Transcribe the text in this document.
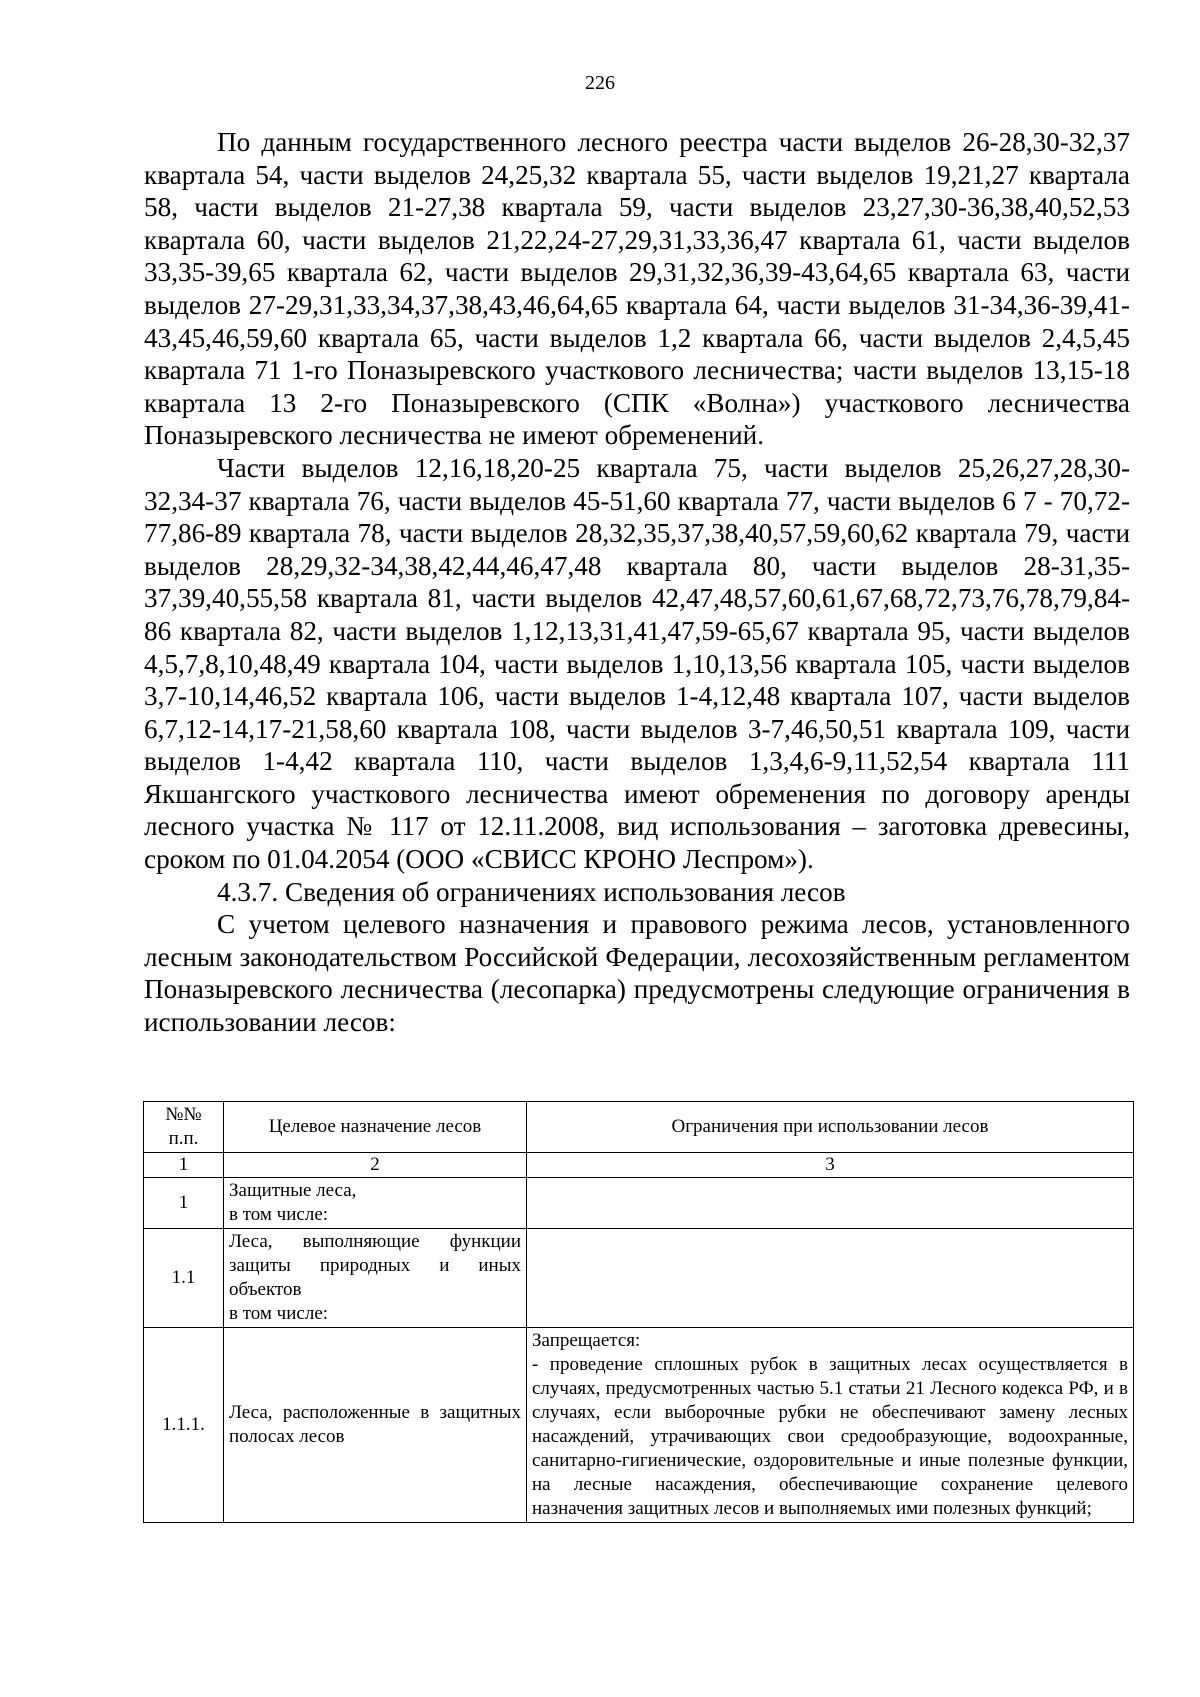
226

По данным государственного лесного реестра части выделов 26-28,30-32,37 квартала 54, части выделов 24,25,32 квартала 55, части выделов 19,21,27 квартала 58, части выделов 21-27,38 квартала 59, части выделов 23,27,30-36,38,40,52,53 квартала 60, части выделов 21,22,24-27,29,31,33,36,47 квартала 61, части выделов 33,35-39,65 квартала 62, части выделов 29,31,32,36,39-43,64,65 квартала 63, части выделов 27-29,31,33,34,37,38,43,46,64,65 квартала 64, части выделов 31-34,36-39,41-43,45,46,59,60 квартала 65, части выделов 1,2 квартала 66, части выделов 2,4,5,45 квартала 71 1-го Поназыревского участкового лесничества; части выделов 13,15-18 квартала 13 2-го Поназыревского (СПК «Волна») участкового лесничества Поназыревского лесничества не имеют обременений.

Части выделов 12,16,18,20-25 квартала 75, части выделов 25,26,27,28,30-32,34-37 квартала 76, части выделов 45-51,60 квартала 77, части выделов 6 7 - 70,72-77,86-89 квартала 78, части выделов 28,32,35,37,38,40,57,59,60,62 квартала 79, части выделов 28,29,32-34,38,42,44,46,47,48 квартала 80, части выделов 28-31,35-37,39,40,55,58 квартала 81, части выделов 42,47,48,57,60,61,67,68,72,73,76,78,79,84-86 квартала 82, части выделов 1,12,13,31,41,47,59-65,67 квартала 95, части выделов 4,5,7,8,10,48,49 квартала 104, части выделов 1,10,13,56 квартала 105, части выделов 3,7-10,14,46,52 квартала 106, части выделов 1-4,12,48 квартала 107, части выделов 6,7,12-14,17-21,58,60 квартала 108, части выделов 3-7,46,50,51 квартала 109, части выделов 1-4,42 квартала 110, части выделов 1,3,4,6-9,11,52,54 квартала 111 Якшангского участкового лесничества имеют обременения по договору аренды лесного участка № 117 от 12.11.2008, вид использования – заготовка древесины, сроком по 01.04.2054 (ООО «СВИСС КРОНО Леспром»).

4.3.7. Сведения об ограничениях использования лесов

С учетом целевого назначения и правового режима лесов, установленного лесным законодательством Российской Федерации, лесохозяйственным регламентом Поназыревского лесничества (лесопарка) предусмотрены следующие ограничения в использовании лесов:

№№ п.п.	Целевое назначение лесов	Ограничения при использовании лесов
1	2	3
1	Защитные леса,
в том числе:	

1.1	Леса, выполняющие функции защиты природных и иных объектов
в том числе:	

1.1.1.	Леса, расположенные в защитных полосах лесов	Запрещается:
- проведение сплошных рубок в защитных лесах осуществляется в случаях, предусмотренных частью 5.1 статьи 21 Лесного кодекса РФ, и в случаях, если выборочные рубки не обеспечивают замену лесных насаждений, утрачивающих свои средообразующие, водоохранные, санитарно-гигиенические, оздоровительные и иные полезные функции, на лесные насаждения, обеспечивающие сохранение целевого назначения защитных лесов и выполняемых ими полезных функций;
